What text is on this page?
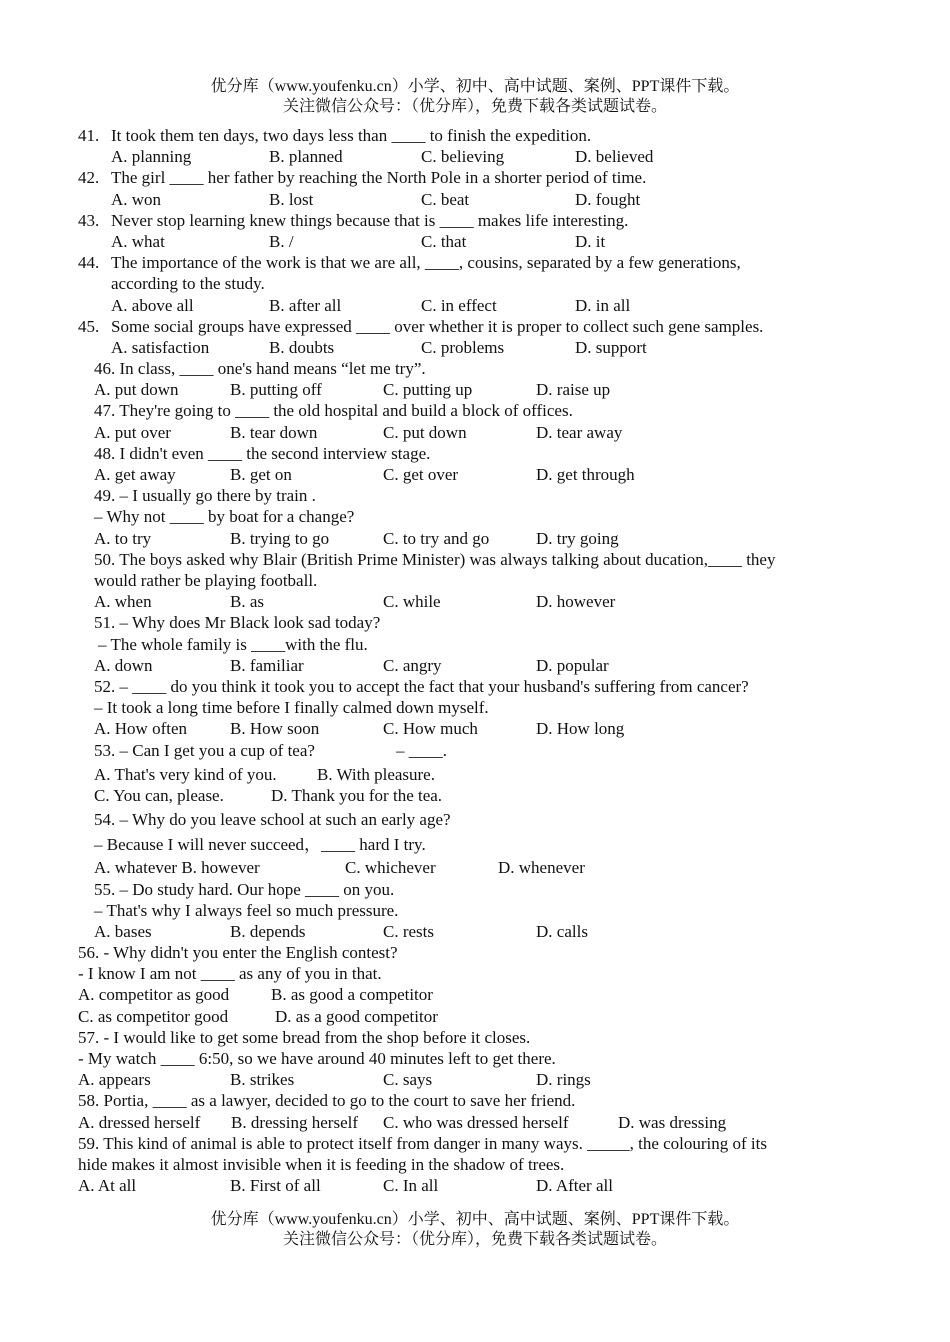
优分库（www.youfenku.cn）小学、初中、高中试题、案例、PPT课件下载。
关注微信公众号：（优分库），免费下载各类试题试卷。
41. It took them ten days, two days less than ____ to finish the expedition.
A. planning	B. planned	C. believing	D. believed
42. The girl ____ her father by reaching the North Pole in a shorter period of time.
A. won	B. lost	C. beat	D. fought
43. Never stop learning knew things because that is ____ makes life interesting.
A. what	B. /	C. that	D. it
44. The importance of the work is that we are all, ____, cousins, separated by a few generations,
according to the study.
A. above all	B. after all	C. in effect	D. in all
45. Some social groups have expressed ____ over whether it is proper to collect such gene samples.
A. satisfaction	B. doubts	C. problems	D. support
46. In class, ____ one's hand means “let me try”.
A. put down	B. putting off	C. putting up	D. raise up
47. They're going to ____ the old hospital and build a block of offices.
A. put over	B. tear down	C. put down	D. tear away
48. I didn't even ____ the second interview stage.
A. get away	B. get on	C. get over	D. get through
49. – I usually go there by train .
– Why not ____ by boat for a change?
A. to try	B. trying to go	C. to try and go	D. try going
50. The boys asked why Blair (British Prime Minister) was always talking about ducation,____ they
would rather be playing football.
A. when	B. as	C. while	D. however
51. – Why does Mr Black look sad today?
– The whole family is ____with the flu.
A. down	B. familiar	C. angry	D. popular
52. – ____ do you think it took you to accept the fact that your husband's suffering from cancer?
– It took a long time before I finally calmed down myself.
A. How often	B. How soon	C. How much	D. How long
53. – Can I get you a cup of tea?	– ____.
A. That's very kind of you. B. With pleasure.
C. You can, please.	D. Thank you for the tea.
54. – Why do you leave school at such an early age?
– Because I will never succeed，____ hard I try.
A. whatever B. however	C. whichever	D. whenever
55. – Do study hard. Our hope ____ on you.
– That's why I always feel so much pressure.
A. bases	B. depends	C. rests	D. calls
56. - Why didn't you enter the English contest?
- I know I am not ____ as any of you in that.
A. competitor as good B. as good a competitor
C. as competitor good	D. as a good competitor
57. - I would like to get some bread from the shop before it closes.
- My watch ____ 6:50, so we have around 40 minutes left to get there.
A. appears	B. strikes	C. says	D. rings
58. Portia, ____ as a lawyer, decided to go to the court to save her friend.
A. dressed herself B. dressing herself C. who was dressed herself	D. was dressing
59. This kind of animal is able to protect itself from danger in many ways. _____, the colouring of its
hide makes it almost invisible when it is feeding in the shadow of trees.
A. At all	B. First of all	C. In all	D. After all
优分库（www.youfenku.cn）小学、初中、高中试题、案例、PPT课件下载。
关注微信公众号：（优分库），免费下载各类试题试卷。
